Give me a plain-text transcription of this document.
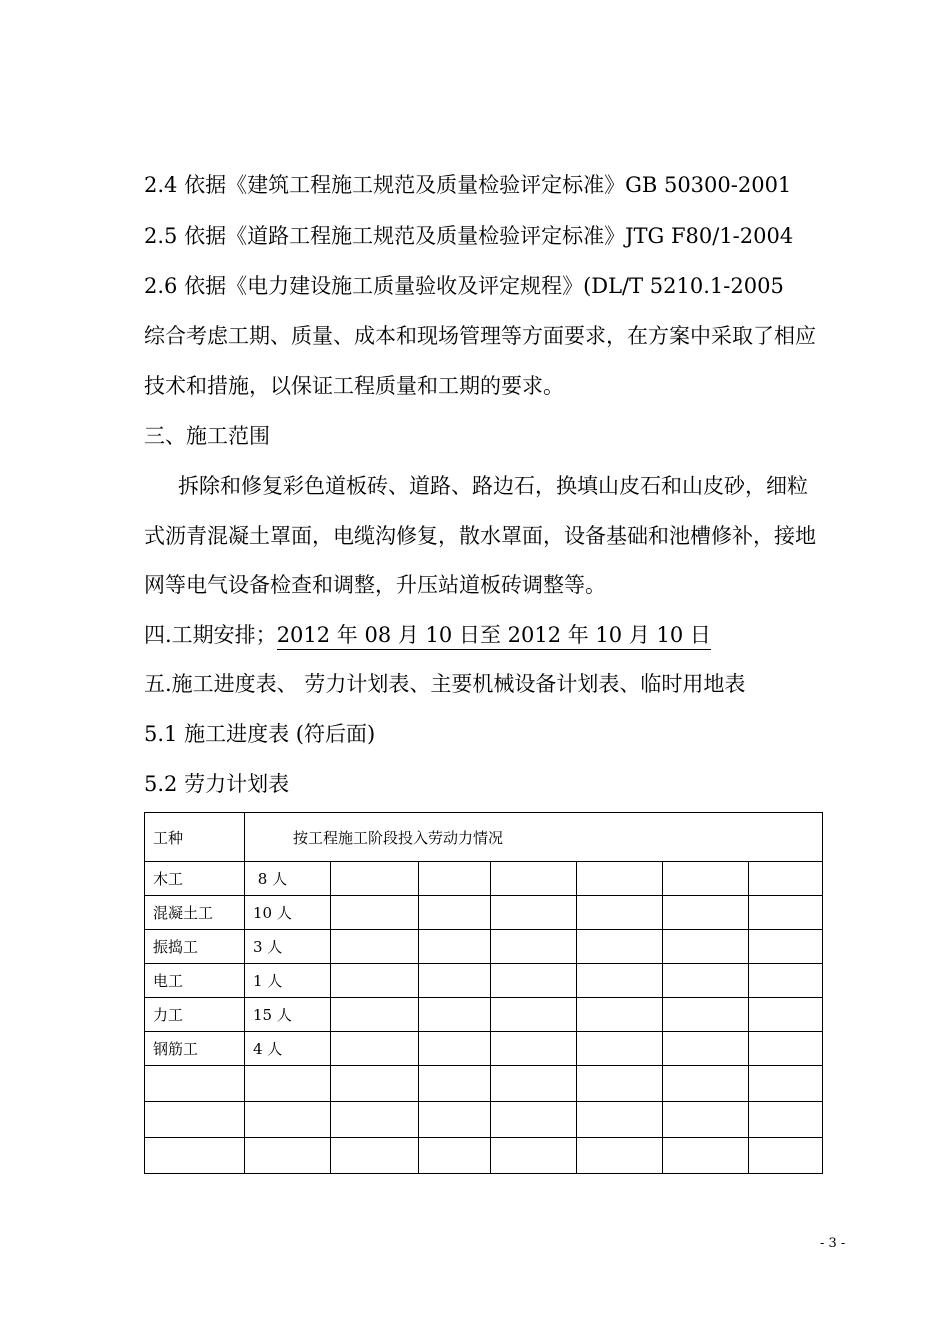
2.4 依据《建筑工程施工规范及质量检验评定标准》GB 50300-2001
2.5 依据《道路工程施工规范及质量检验评定标准》JTG F80/1-2004
2.6 依据《电力建设施工质量验收及评定规程》(DL/T 5210.1-2005
综合考虑工期、质量、成本和现场管理等方面要求，在方案中采取了相应
技术和措施，以保证工程质量和工期的要求。
三、施工范围
拆除和修复彩色道板砖、道路、路边石，换填山皮石和山皮砂，细粒
式沥青混凝土罩面，电缆沟修复，散水罩面，设备基础和池槽修补，接地
网等电气设备检查和调整，升压站道板砖调整等。
四.工期安排；2012 年 08 月 10 日至 2012 年 10 月 10 日
五.施工进度表、 劳力计划表、主要机械设备计划表、临时用地表
5.1 施工进度表 (符后面)
5.2 劳力计划表
工种	按工程施工阶段投入劳动力情况						
木工	8 人						
混凝土工	10 人						
振捣工	3 人						
电工	1 人						
力工	15 人						
钢筋工	4 人						

- 3 -
